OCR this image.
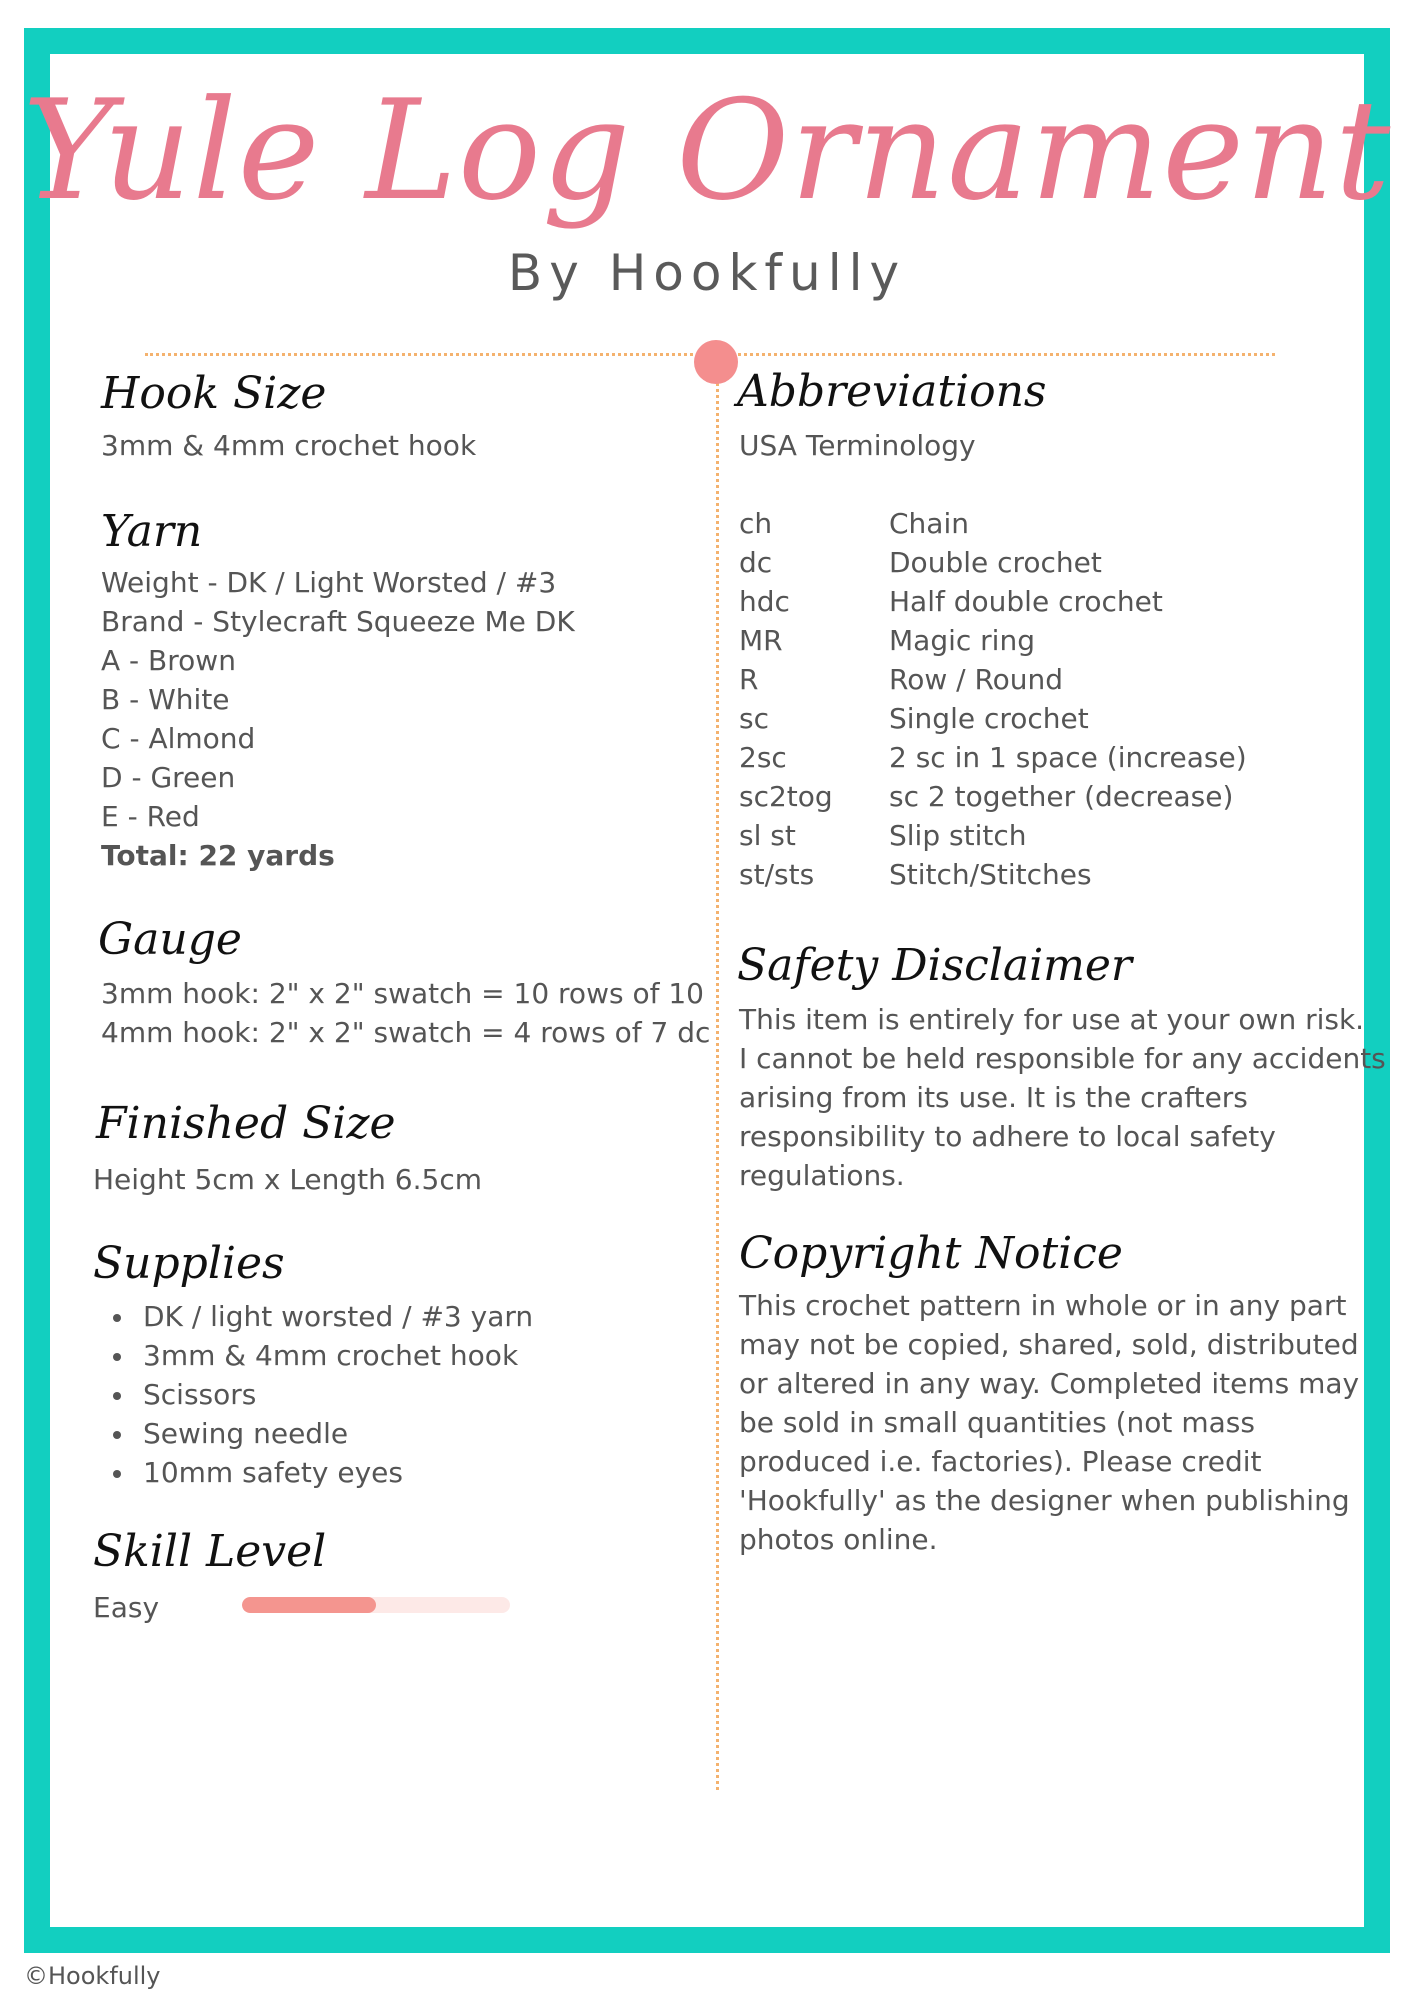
Yule Log Ornament
By Hookfully
Hook Size
3mm & 4mm crochet hook
Yarn
Weight - DK / Light Worsted / #3
Brand - Stylecraft Squeeze Me DK
A - Brown
B - White
C - Almond
D - Green
E - Red
Total: 22 yards
Gauge
3mm hook: 2" x 2" swatch = 10 rows of 10
4mm hook: 2" x 2" swatch = 4 rows of 7 dc
Finished Size
Height 5cm x Length 6.5cm
Supplies
DK / light worsted / #3 yarn
3mm & 4mm crochet hook
Scissors
Sewing needle
10mm safety eyes
Skill Level
Easy
Abbreviations
USA Terminology
ch	Chain
dc	Double crochet
hdc	Half double crochet
MR	Magic ring
R	Row / Round
sc	Single crochet
2sc	2 sc in 1 space (increase)
sc2tog sc 2 together (decrease)
sl st	Slip stitch
st/sts	Stitch/Stitches
Safety Disclaimer
This item is entirely for use at your own risk.
I cannot be held responsible for any accidents
arising from its use. It is the crafters
responsibility to adhere to local safety
regulations.
Copyright Notice
This crochet pattern in whole or in any part
may not be copied, shared, sold, distributed
or altered in any way. Completed items may
be sold in small quantities (not mass
produced i.e. factories). Please credit
'Hookfully' as the designer when publishing
photos online.
©Hookfully
